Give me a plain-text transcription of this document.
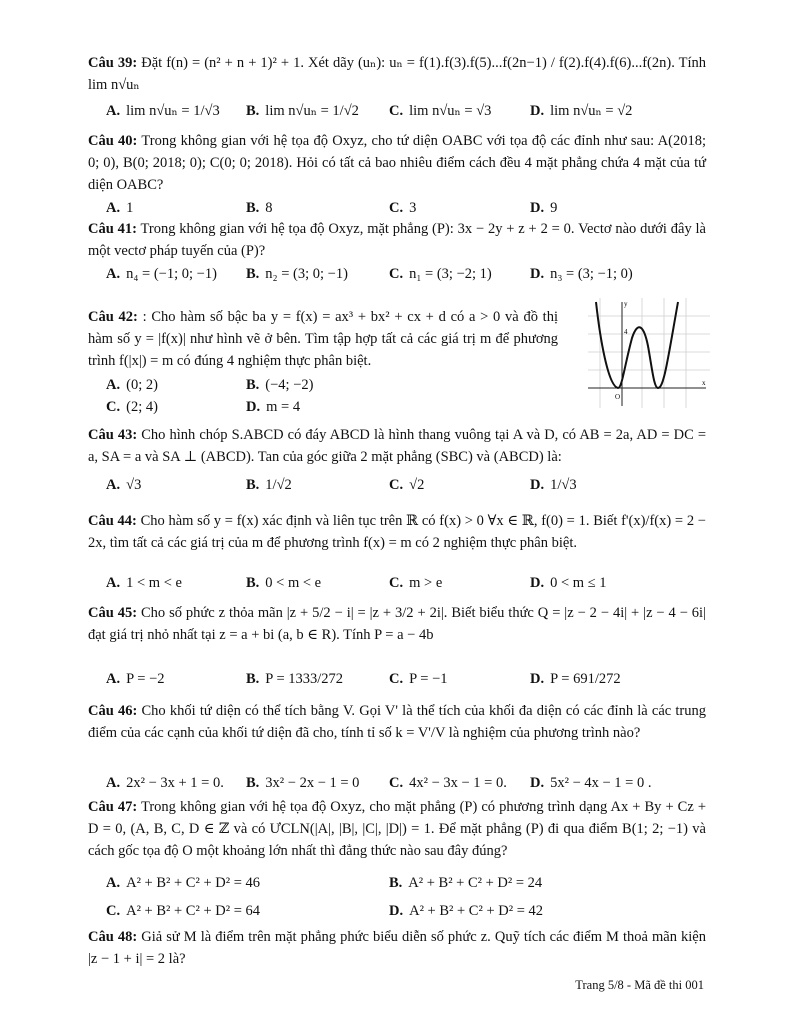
Câu 39: Đặt f(n) = (n² + n + 1)² + 1. Xét dãy (uₙ): uₙ = f(1).f(3).f(5)...f(2n−1) / f(2).f(4).f(6)...f(2n). Tính lim n√uₙ
A. lim n√uₙ = 1/√3 B. lim n√uₙ = 1/√2 C. lim n√uₙ = √3	D. lim n√uₙ = √2
Câu 40: Trong không gian với hệ tọa độ Oxyz, cho tứ diện OABC với tọa độ các đỉnh như sau: A(2018; 0; 0), B(0; 2018; 0); C(0; 0; 2018). Hỏi có tất cả bao nhiêu điểm cách đều 4 mặt phẳng chứa 4 mặt của tứ diện OABC?
A. 1	B. 8	C. 3	D. 9
Câu 41: Trong không gian với hệ tọa độ Oxyz, mặt phẳng (P): 3x − 2y + z + 2 = 0. Vectơ nào dưới đây là một vectơ pháp tuyến của (P)?
A. n₄ = (−1; 0; −1) B. n₂ = (3; 0; −1)	C. n₁ = (3; −2; 1)	D. n₃ = (3; −1; 0)
Câu 42: : Cho hàm số bậc ba y = f(x) = ax³ + bx² + cx + d có a > 0 và đồ thị hàm số y = |f(x)| như hình vẽ ở bên. Tìm tập hợp tất cả các giá trị m để phương trình f(|x|) = m có đúng 4 nghiệm thực phân biệt.
A. (0; 2)	B. (−4; −2)
C. (2; 4)	D. m = 4
y
4
O
x
Câu 43: Cho hình chóp S.ABCD có đáy ABCD là hình thang vuông tại A và D, có AB = 2a, AD = DC = a, SA = a và SA ⊥ (ABCD). Tan của góc giữa 2 mặt phẳng (SBC) và (ABCD) là:
A. √3	B. 1/√2	C. √2	D. 1/√3
Câu 44: Cho hàm số y = f(x) xác định và liên tục trên ℝ có f(x) > 0 ∀x ∈ ℝ, f(0) = 1. Biết f'(x)/f(x) = 2 − 2x, tìm tất cả các giá trị của m để phương trình f(x) = m có 2 nghiệm thực phân biệt.
A. 1 < m < e	B. 0 < m < e	C. m > e	D. 0 < m ≤ 1
Câu 45: Cho số phức z thỏa mãn |z + 5/2 − i| = |z + 3/2 + 2i|. Biết biểu thức Q = |z − 2 − 4i| + |z − 4 − 6i| đạt giá trị nhỏ nhất tại z = a + bi (a, b ∈ R). Tính P = a − 4b
A. P = −2	B. P = 1333/272	C. P = −1	D. P = 691/272
Câu 46: Cho khối tứ diện có thể tích bằng V. Gọi V' là thể tích của khối đa diện có các đỉnh là các trung điểm của các cạnh của khối tứ diện đã cho, tính tỉ số k = V'/V là nghiệm của phương trình nào?
A. 2x² − 3x + 1 = 0. B. 3x² − 2x − 1 = 0 C. 4x² − 3x − 1 = 0. D. 5x² − 4x − 1 = 0 .
Câu 47: Trong không gian với hệ tọa độ Oxyz, cho mặt phẳng (P) có phương trình dạng Ax + By + Cz + D = 0, (A, B, C, D ∈ ℤ và có ƯCLN(|A|, |B|, |C|, |D|) = 1. Để mặt phẳng (P) đi qua điểm B(1; 2; −1) và cách gốc tọa độ O một khoảng lớn nhất thì đẳng thức nào sau đây đúng?
A. A² + B² + C² + D² = 46	B. A² + B² + C² + D² = 24
C. A² + B² + C² + D² = 64	D. A² + B² + C² + D² = 42
Câu 48: Giả sử M là điểm trên mặt phẳng phức biểu diễn số phức z. Quỹ tích các điểm M thoả mãn kiện |z − 1 + i| = 2 là?
Trang 5/8 - Mã đề thi 001
